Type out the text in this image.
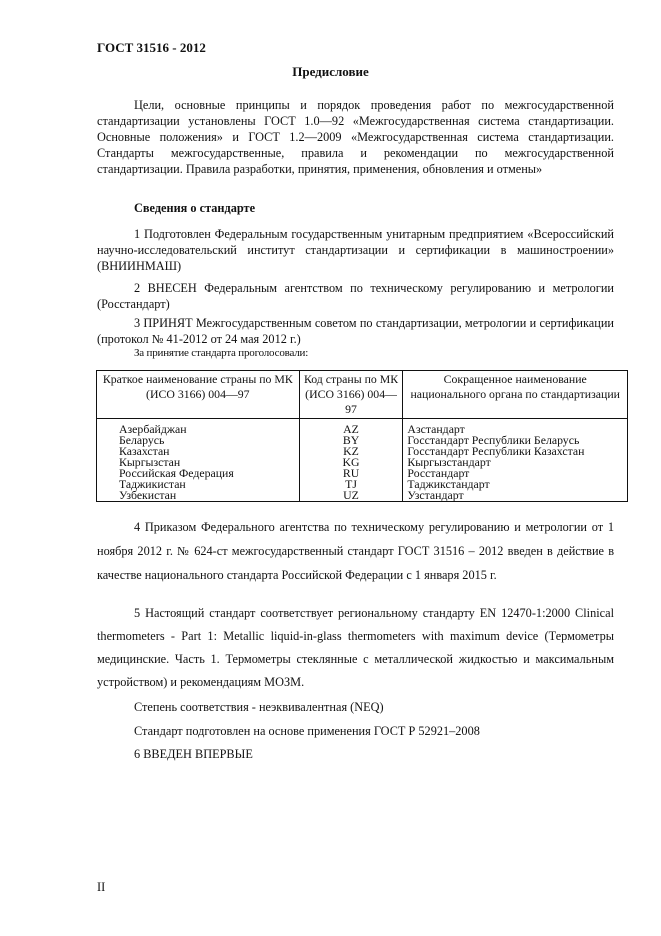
ГОСТ 31516 - 2012
Предисловие
Цели, основные принципы и порядок проведения работ по межгосударственной стандартизации установлены ГОСТ 1.0—92 «Межгосударственная система стандартизации. Основные положения» и ГОСТ 1.2—2009 «Межгосударственная система стандартизации. Стандарты межгосударственные, правила и рекомендации по межгосударственной стандартизации. Правила разработки, принятия, применения, обновления и отмены»
Сведения о стандарте
1 Подготовлен Федеральным государственным унитарным предприятием «Всероссийский научно-исследовательский институт стандартизации и сертификации в машиностроении» (ВНИИНМАШ)
2 ВНЕСЕН Федеральным агентством по техническому регулированию и метрологии (Росстандарт)
3 ПРИНЯТ Межгосударственным советом по стандартизации, метрологии и сертификации (протокол № 41-2012 от 24 мая 2012 г.)
За принятие стандарта проголосовали:
Краткое наименование страны по МК (ИСО 3166) 004—97	Код страны по МК (ИСО 3166) 004—97	Сокращенное наименование национального органа по стандартизации
Азербайджан	AZ	Азстандарт
Беларусь	BY	Госстандарт Республики Беларусь
Казахстан	KZ	Госстандарт Республики Казахстан
Кыргызстан	KG	Кыргызстандарт
Российская Федерация	RU	Росстандарт
Таджикистан	TJ	Таджикстандарт
Узбекистан	UZ	Узстандарт
4 Приказом Федерального агентства по техническому регулированию и метрологии от 1 ноября 2012 г. № 624-ст межгосударственный стандарт ГОСТ 31516 – 2012 введен в действие в качестве национального стандарта Российской Федерации с 1 января 2015 г.
5 Настоящий стандарт соответствует региональному стандарту EN 12470-1:2000 Clinical thermometers - Part 1: Metallic liquid-in-glass thermometers with maximum device (Термометры медицинские. Часть 1. Термометры стеклянные с металлической жидкостью и максимальным устройством) и рекомендациям МОЗМ.
Степень соответствия - неэквивалентная (NEQ)
Стандарт подготовлен на основе применения ГОСТ Р 52921–2008
6 ВВЕДЕН ВПЕРВЫЕ
II
